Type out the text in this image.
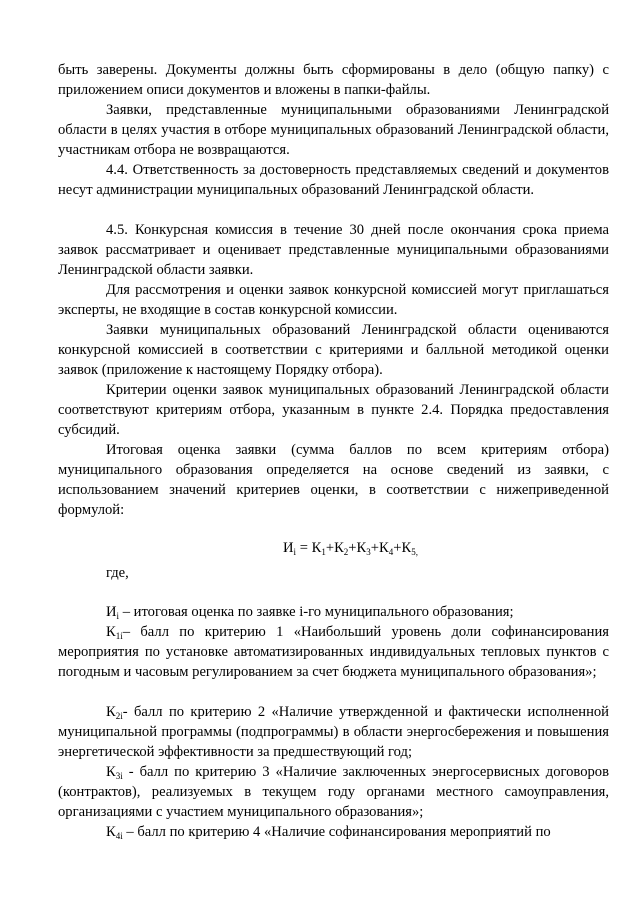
быть заверены. Документы должны быть сформированы в дело (общую папку) с приложением описи документов и вложены в папки-файлы.

Заявки, представленные муниципальными образованиями Ленинградской области в целях участия в отборе муниципальных образований Ленинградской области, участникам отбора не возвращаются.

4.4. Ответственность за достоверность представляемых сведений и документов несут администрации муниципальных образований Ленинградской области.

4.5. Конкурсная комиссия в течение 30 дней после окончания срока приема заявок рассматривает и оценивает представленные муниципальными образованиями Ленинградской области заявки.

Для рассмотрения и оценки заявок конкурсной комиссией могут приглашаться эксперты, не входящие в состав конкурсной комиссии.

Заявки муниципальных образований Ленинградской области оцениваются конкурсной комиссией в соответствии с критериями и балльной методикой оценки заявок (приложение к настоящему Порядку отбора).

Критерии оценки заявок муниципальных образований Ленинградской области соответствуют критериям отбора, указанным в пункте 2.4. Порядка предоставления субсидий.

Итоговая оценка заявки (сумма баллов по всем критериям отбора) муниципального образования определяется на основе сведений из заявки, с использованием значений критериев оценки, в соответствии с нижеприведенной формулой:

$И_i = К_1+К_2+К_3+К_4+К_{5,}$
где,

$И_i$ – итоговая оценка по заявке i-го муниципального образования;

$К_{1i}-$ балл по критерию 1 «Наибольший уровень доли софинансирования мероприятия по установке автоматизированных индивидуальных тепловых пунктов с погодным и часовым регулированием за счет бюджета муниципального образования»;

$К_{2i}-$ балл по критерию 2 «Наличие утвержденной и фактически исполненной муниципальной программы (подпрограммы) в области энергосбережения и повышения энергетической эффективности за предшествующий год;

$К_{3i}$ - балл по критерию 3 «Наличие заключенных энергосервисных договоров (контрактов), реализуемых в текущем году органами местного самоуправления, организациями с участием муниципального образования»;

$К_{4i}$ – балл по критерию 4 «Наличие софинансирования мероприятий по
